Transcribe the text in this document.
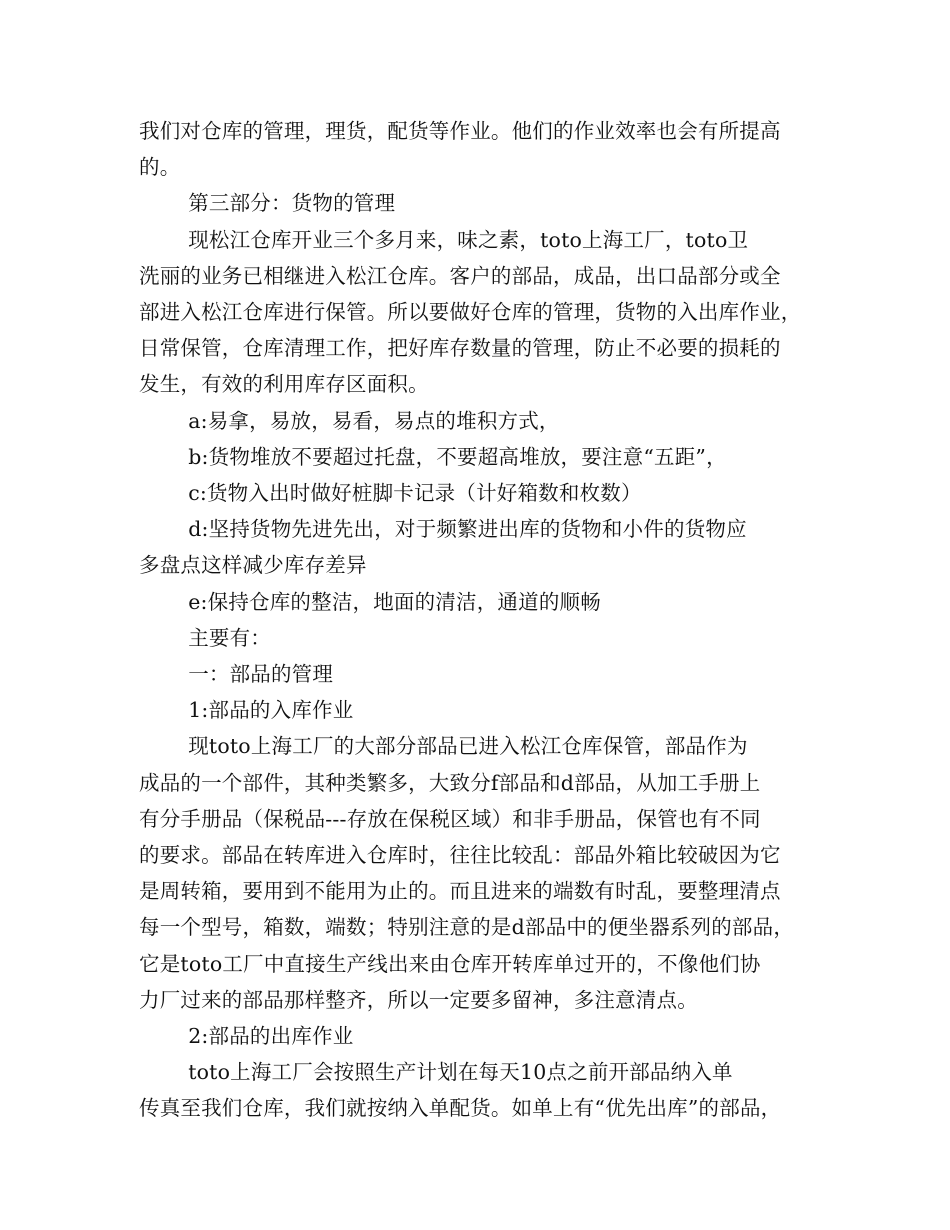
我们对仓库的管理，理货，配货等作业。他们的作业效率也会有所提高
的。
第三部分：货物的管理
现松江仓库开业三个多月来，味之素，toto上海工厂，toto卫
洗丽的业务已相继进入松江仓库。客户的部品，成品，出口品部分或全
部进入松江仓库进行保管。所以要做好仓库的管理，货物的入出库作业，
日常保管，仓库清理工作，把好库存数量的管理，防止不必要的损耗的
发生，有效的利用库存区面积。
a:易拿，易放，易看，易点的堆积方式，
b:货物堆放不要超过托盘，不要超高堆放，要注意“五距”，
c:货物入出时做好桩脚卡记录（计好箱数和枚数）
d:坚持货物先进先出，对于频繁进出库的货物和小件的货物应
多盘点这样减少库存差异
e:保持仓库的整洁，地面的清洁，通道的顺畅
主要有：
一：部品的管理
1:部品的入库作业
现toto上海工厂的大部分部品已进入松江仓库保管，部品作为
成品的一个部件，其种类繁多，大致分f部品和d部品，从加工手册上
有分手册品（保税品---存放在保税区域）和非手册品，保管也有不同
的要求。部品在转库进入仓库时，往往比较乱：部品外箱比较破因为它
是周转箱，要用到不能用为止的。而且进来的端数有时乱，要整理清点
每一个型号，箱数，端数；特别注意的是d部品中的便坐器系列的部品，
它是toto工厂中直接生产线出来由仓库开转库单过开的，不像他们协
力厂过来的部品那样整齐，所以一定要多留神，多注意清点。
2:部品的出库作业
toto上海工厂会按照生产计划在每天10点之前开部品纳入单
传真至我们仓库，我们就按纳入单配货。如单上有“优先出库”的部品，
